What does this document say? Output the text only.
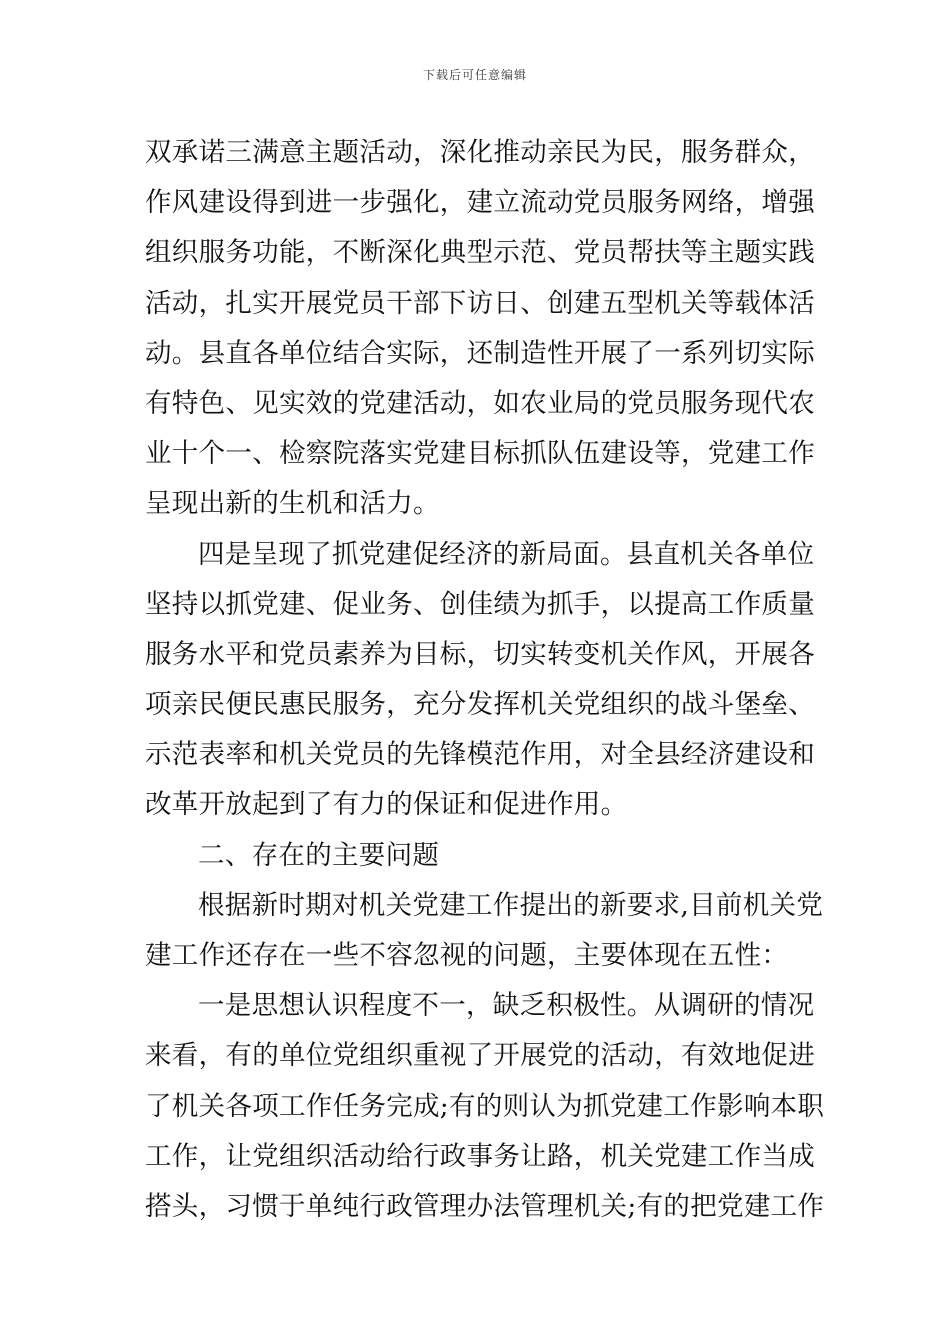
下载后可任意编辑
双承诺三满意主题活动，深化推动亲民为民，服务群众，
作风建设得到进一步强化，建立流动党员服务网络，增强
组织服务功能，不断深化典型示范、党员帮扶等主题实践
活动，扎实开展党员干部下访日、创建五型机关等载体活
动。县直各单位结合实际，还制造性开展了一系列切实际
有特色、见实效的党建活动，如农业局的党员服务现代农
业十个一、检察院落实党建目标抓队伍建设等，党建工作
呈现出新的生机和活力。
四是呈现了抓党建促经济的新局面。县直机关各单位
坚持以抓党建、促业务、创佳绩为抓手，以提高工作质量
服务水平和党员素养为目标，切实转变机关作风，开展各
项亲民便民惠民服务，充分发挥机关党组织的战斗堡垒、
示范表率和机关党员的先锋模范作用，对全县经济建设和
改革开放起到了有力的保证和促进作用。
二、存在的主要问题
根据新时期对机关党建工作提出的新要求,目前机关党
建工作还存在一些不容忽视的问题，主要体现在五性：
一是思想认识程度不一，缺乏积极性。从调研的情况
来看，有的单位党组织重视了开展党的活动，有效地促进
了机关各项工作任务完成;有的则认为抓党建工作影响本职
工作，让党组织活动给行政事务让路，机关党建工作当成
搭头，习惯于单纯行政管理办法管理机关;有的把党建工作
